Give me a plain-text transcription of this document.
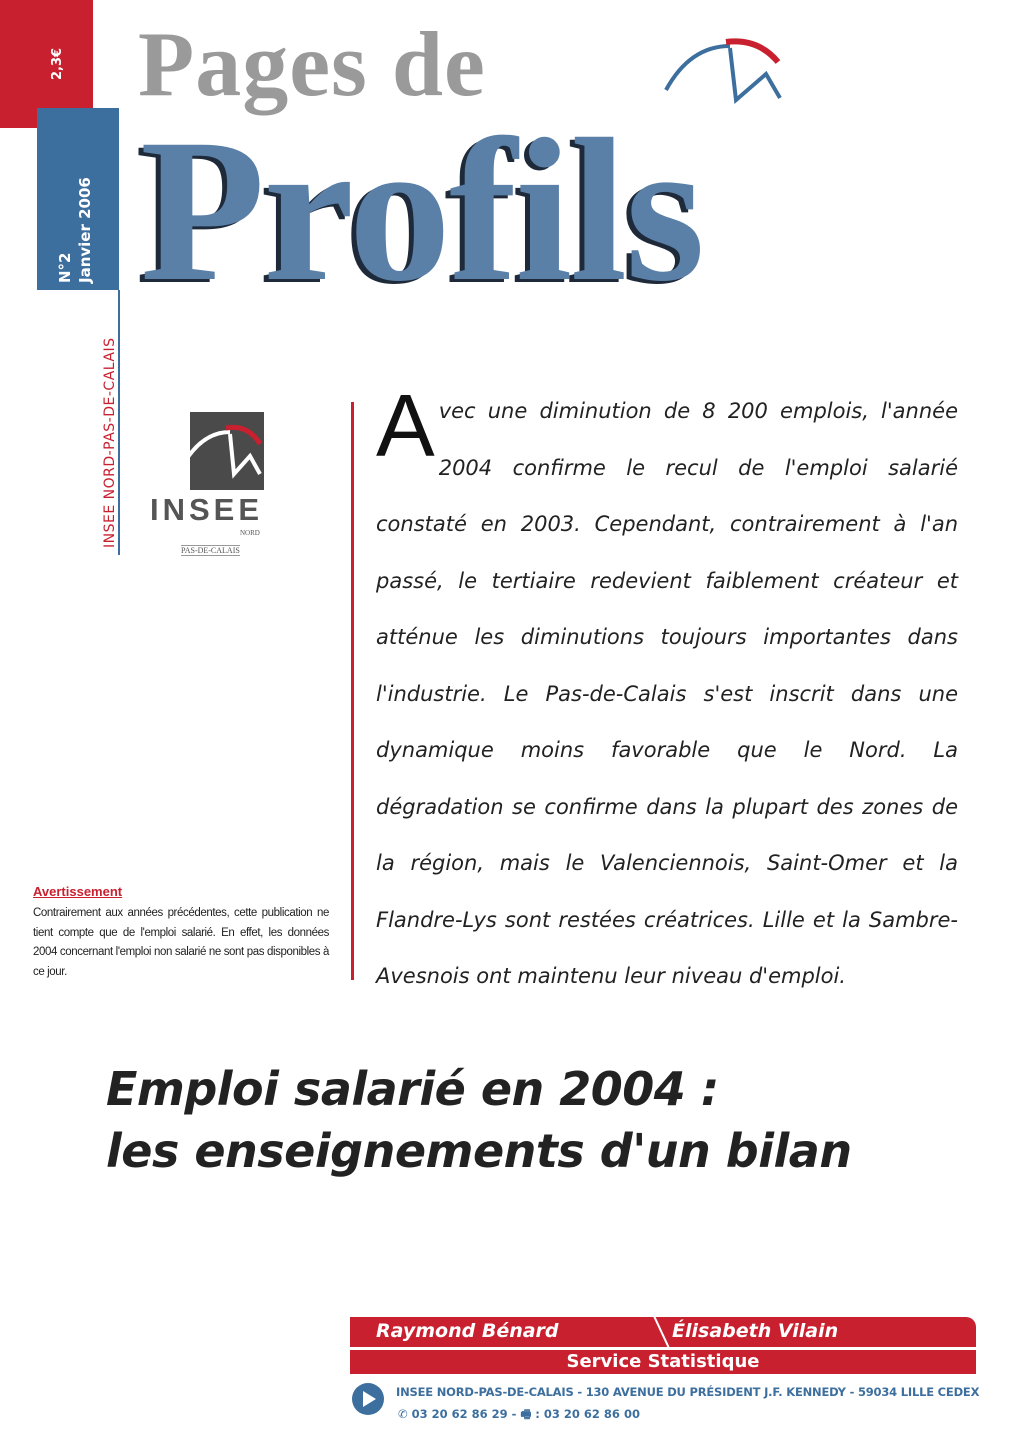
2,3€
N°2 Janvier 2006
INSEE NORD-PAS-DE-CALAIS
Pages de
Profils
INSEE
NORD
PAS-DE-CALAIS
Avec une diminution de 8 200 emplois, l'année 2004 confirme le recul de l'emploi salarié constaté en 2003. Cependant, contrairement à l'an passé, le tertiaire redevient faiblement créateur et atténue les diminutions toujours importantes dans l'industrie. Le Pas-de-Calais s'est inscrit dans une dynamique moins favorable que le Nord. La dégradation se confirme dans la plupart des zones de la région, mais le Valenciennois, Saint-Omer et la Flandre-Lys sont restées créatrices. Lille et la Sambre-Avesnois ont maintenu leur niveau d'emploi.
Avertissement
Contrairement aux années précédentes, cette publication ne tient compte que de l'emploi salarié. En effet, les données 2004 concernant l'emploi non salarié ne sont pas disponibles à ce jour.
Emploi salarié en 2004 :
les enseignements d'un bilan
Raymond Bénard	Élisabeth Vilain
Service Statistique
INSEE NORD-PAS-DE-CALAIS - 130 AVENUE DU PRÉSIDENT J.F. KENNEDY - 59034 LILLE CEDEX
✆ 03 20 62 86 29 - 🖷 : 03 20 62 86 00
